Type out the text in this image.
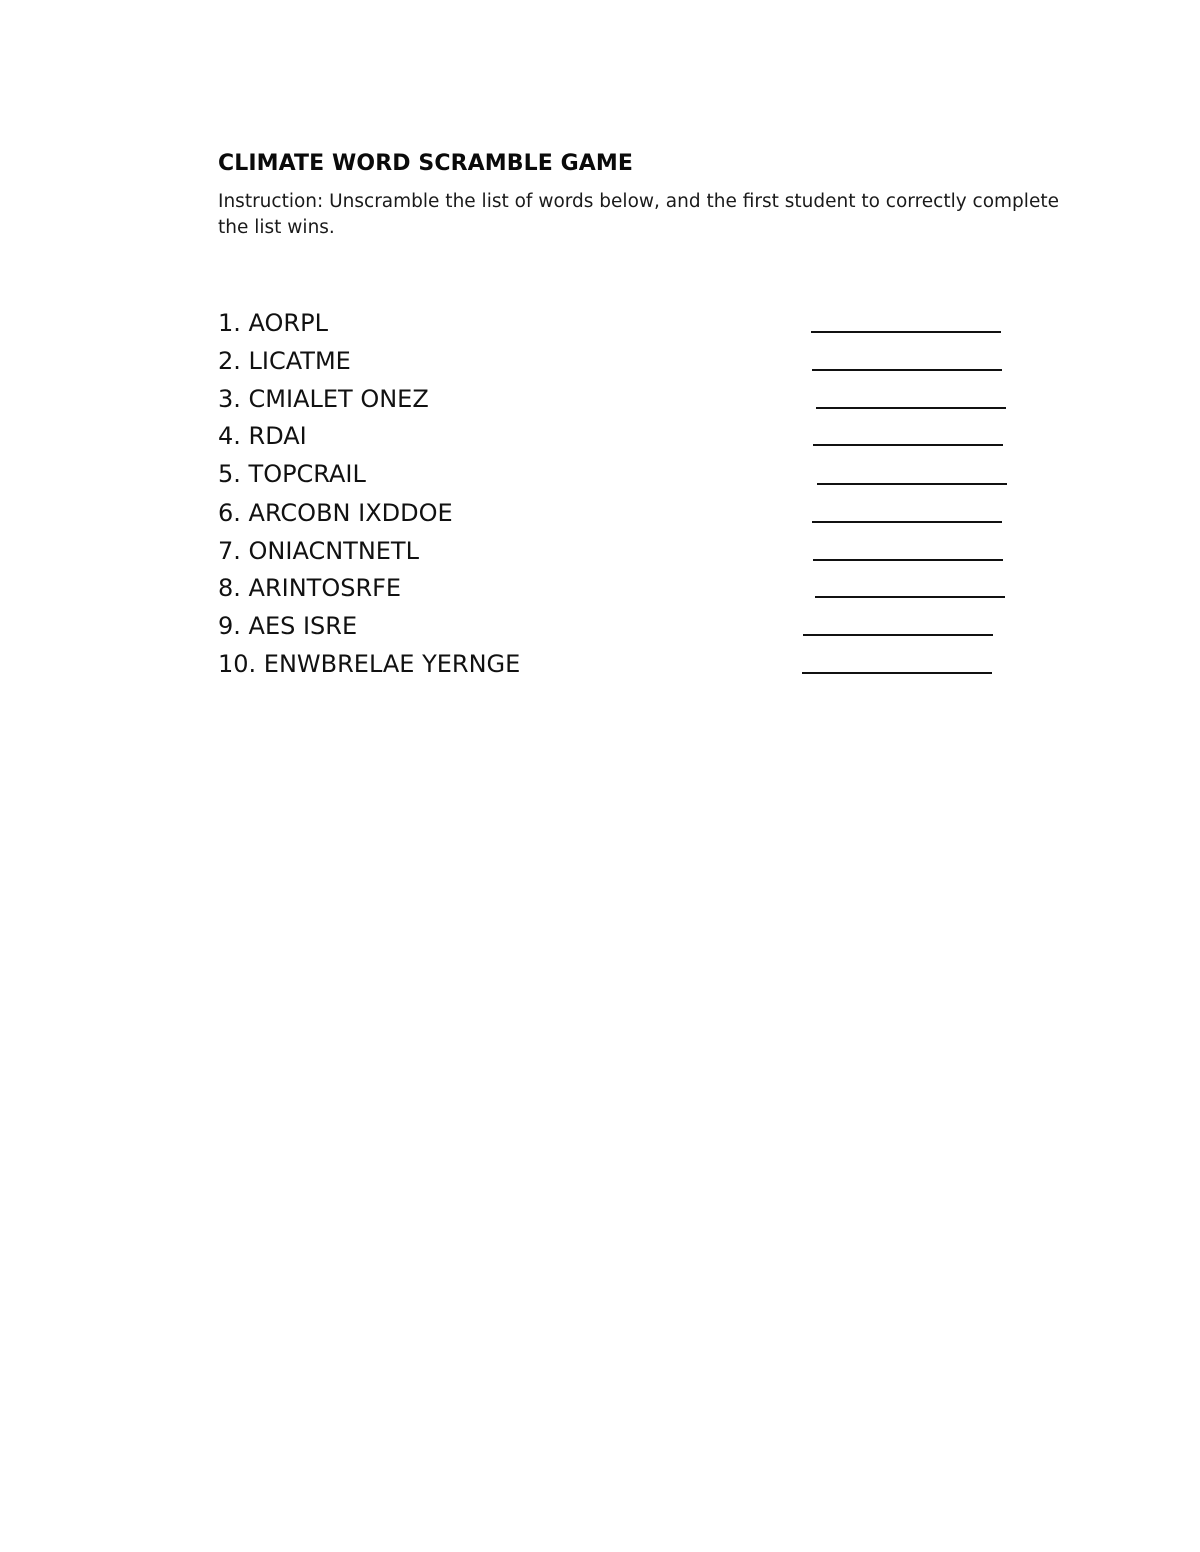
CLIMATE WORD SCRAMBLE GAME
Instruction: Unscramble the list of words below, and the first student to correctly complete the list wins.
1. AORPL
2. LICATME
3. CMIALET ONEZ
4. RDAI
5. TOPCRAIL
6. ARCOBN IXDDOE
7. ONIACNTNETL
8. ARINTOSRFE
9. AES ISRE
10. ENWBRELAE YERNGE
